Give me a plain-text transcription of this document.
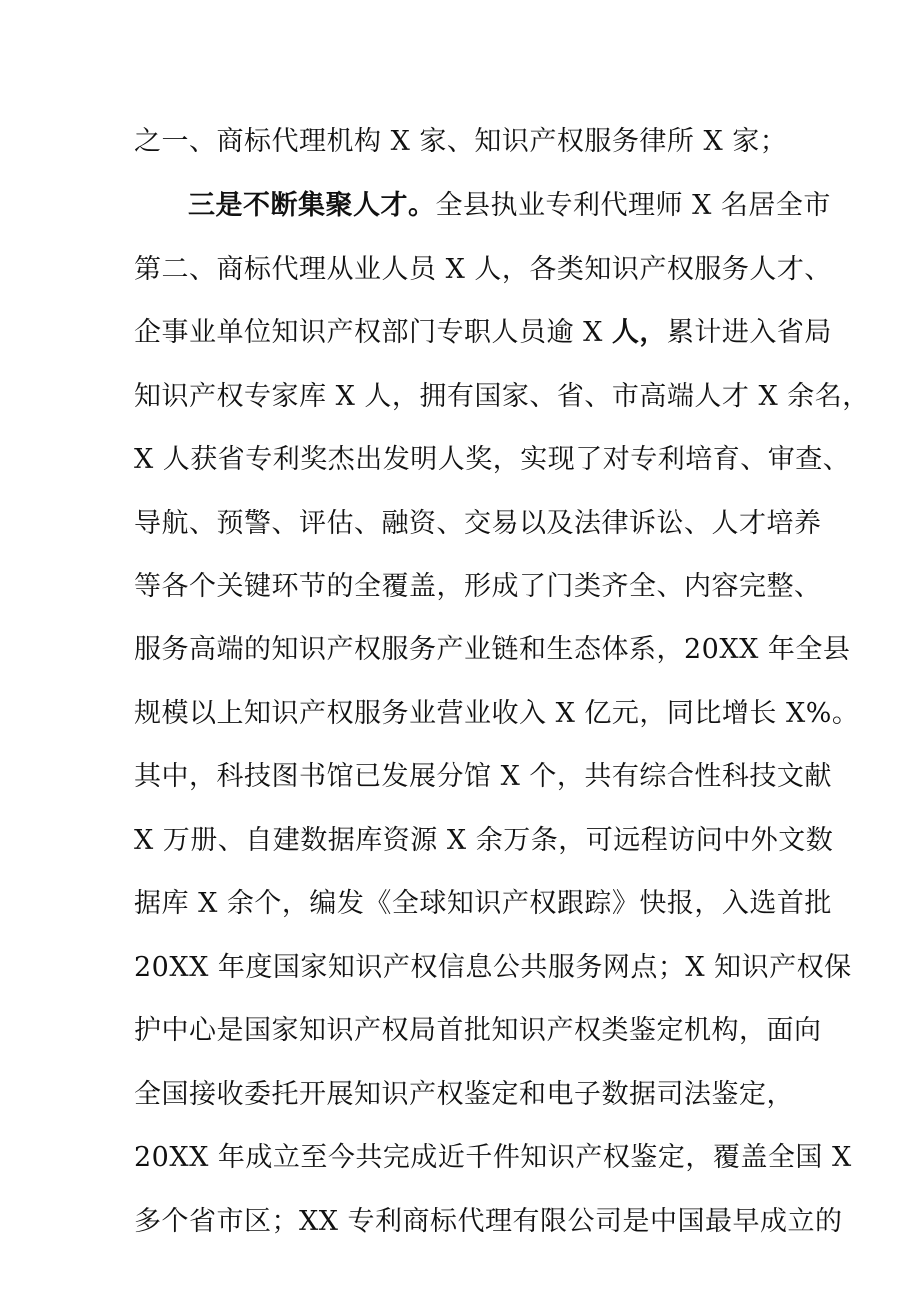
之一、商标代理机构 X 家、知识产权服务律所 X 家；
三是不断集聚人才。全县执业专利代理师 X 名居全市
第二、商标代理从业人员 X 人，各类知识产权服务人才、
企事业单位知识产权部门专职人员逾 X 人，累计进入省局
知识产权专家库 X 人，拥有国家、省、市高端人才 X 余名，
X 人获省专利奖杰出发明人奖，实现了对专利培育、审查、
导航、预警、评估、融资、交易以及法律诉讼、人才培养
等各个关键环节的全覆盖，形成了门类齐全、内容完整、
服务高端的知识产权服务产业链和生态体系，20XX 年全县
规模以上知识产权服务业营业收入 X 亿元，同比增长 X%。
其中，科技图书馆已发展分馆 X 个，共有综合性科技文献
X 万册、自建数据库资源 X 余万条，可远程访问中外文数
据库 X 余个，编发《全球知识产权跟踪》快报，入选首批
20XX 年度国家知识产权信息公共服务网点；X 知识产权保
护中心是国家知识产权局首批知识产权类鉴定机构，面向
全国接收委托开展知识产权鉴定和电子数据司法鉴定，
20XX 年成立至今共完成近千件知识产权鉴定，覆盖全国 X
多个省市区；XX 专利商标代理有限公司是中国最早成立的
